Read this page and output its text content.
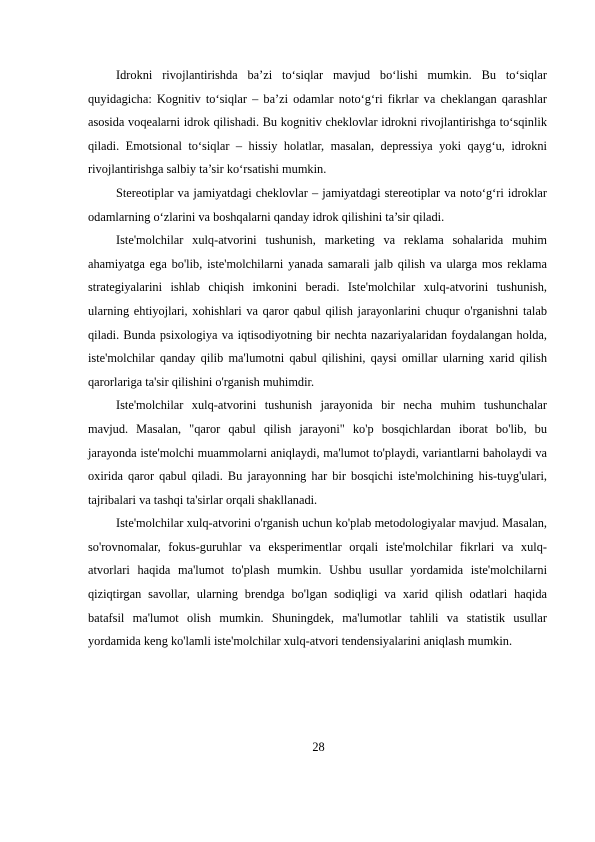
Idrokni rivojlantirishda ba’zi to‘siqlar mavjud bo‘lishi mumkin. Bu to‘siqlar quyidagicha: Kognitiv to‘siqlar – ba’zi odamlar noto‘g‘ri fikrlar va cheklangan qarashlar asosida voqealarni idrok qilishadi. Bu kognitiv cheklovlar idrokni rivojlantirishga to‘sqinlik qiladi. Emotsional to‘siqlar – hissiy holatlar, masalan, depressiya yoki qayg‘u, idrokni rivojlantirishga salbiy ta’sir ko‘rsatishi mumkin.

Stereotiplar va jamiyatdagi cheklovlar – jamiyatdagi stereotiplar va noto‘g‘ri idroklar odamlarning o‘zlarini va boshqalarni qanday idrok qilishini ta’sir qiladi.

Iste'molchilar xulq-atvorini tushunish, marketing va reklama sohalarida muhim ahamiyatga ega bo'lib, iste'molchilarni yanada samarali jalb qilish va ularga mos reklama strategiyalarini ishlab chiqish imkonini beradi. Iste'molchilar xulq-atvorini tushunish, ularning ehtiyojlari, xohishlari va qaror qabul qilish jarayonlarini chuqur o'rganishni talab qiladi. Bunda psixologiya va iqtisodiyotning bir nechta nazariyalaridan foydalangan holda, iste'molchilar qanday qilib ma'lumotni qabul qilishini, qaysi omillar ularning xarid qilish qarorlariga ta'sir qilishini o'rganish muhimdir.

Iste'molchilar xulq-atvorini tushunish jarayonida bir necha muhim tushunchalar mavjud. Masalan, "qaror qabul qilish jarayoni" ko'p bosqichlardan iborat bo'lib, bu jarayonda iste'molchi muammolarni aniqlaydi, ma'lumot to'playdi, variantlarni baholaydi va oxirida qaror qabul qiladi. Bu jarayonning har bir bosqichi iste'molchining his-tuyg'ulari, tajribalari va tashqi ta'sirlar orqali shakllanadi.

Iste'molchilar xulq-atvorini o'rganish uchun ko'plab metodologiyalar mavjud. Masalan, so'rovnomalar, fokus-guruhlar va eksperimentlar orqali iste'molchilar fikrlari va xulq-atvorlari haqida ma'lumot to'plash mumkin. Ushbu usullar yordamida iste'molchilarni qiziqtirgan savollar, ularning brendga bo'lgan sodiqligi va xarid qilish odatlari haqida batafsil ma'lumot olish mumkin. Shuningdek, ma'lumotlar tahlili va statistik usullar yordamida keng ko'lamli iste'molchilar xulq-atvori tendensiyalarini aniqlash mumkin.

28
